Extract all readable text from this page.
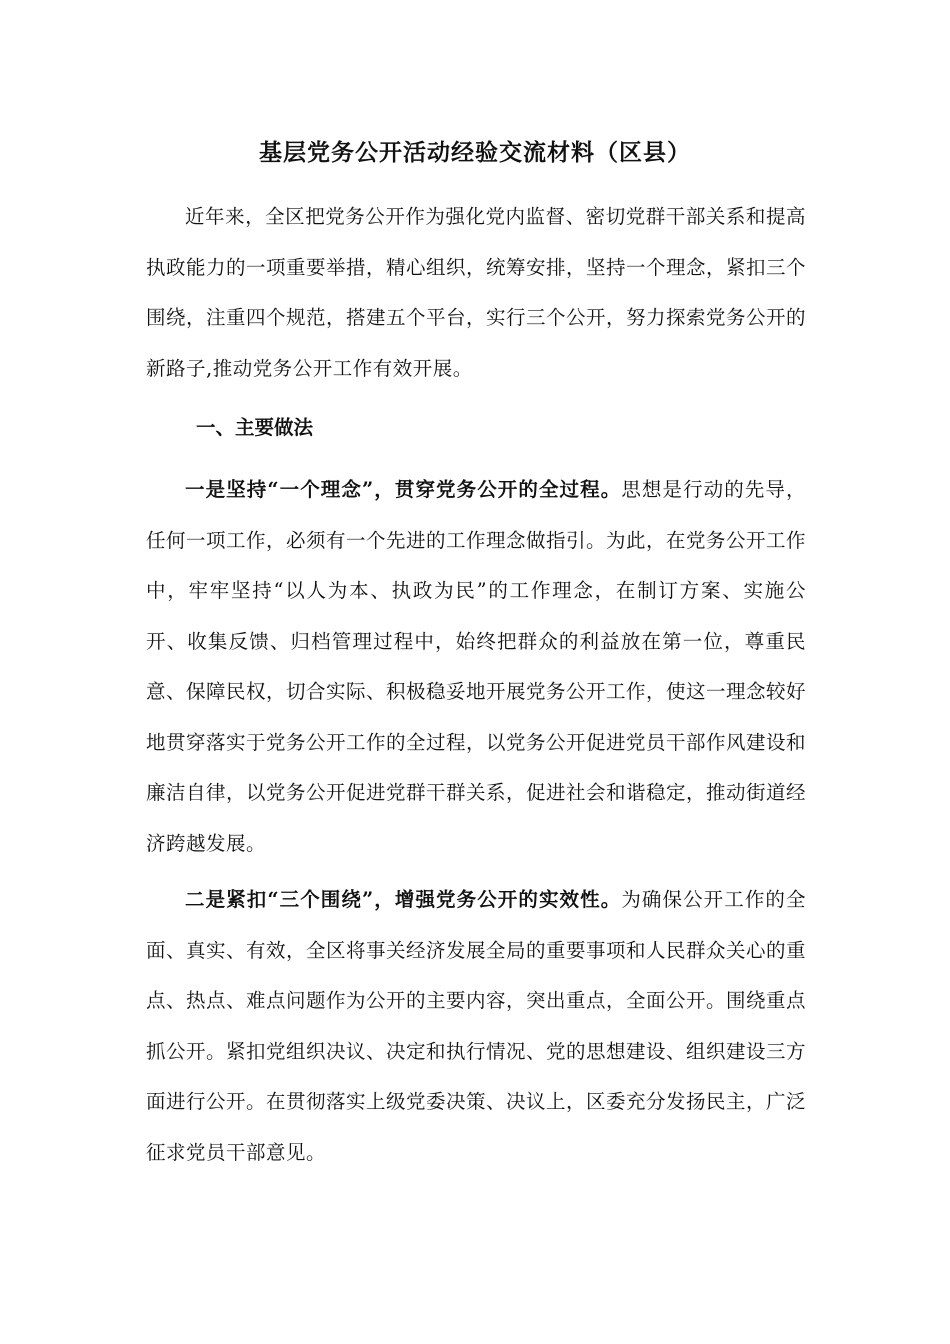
基层党务公开活动经验交流材料（区县）

近年来，全区把党务公开作为强化党内监督、密切党群干部关系和提高执政能力的一项重要举措，精心组织，统筹安排，坚持一个理念，紧扣三个围绕，注重四个规范，搭建五个平台，实行三个公开，努力探索党务公开的新路子,推动党务公开工作有效开展。

一、主要做法

一是坚持“一个理念”，贯穿党务公开的全过程。思想是行动的先导，任何一项工作，必须有一个先进的工作理念做指引。为此，在党务公开工作中，牢牢坚持“以人为本、执政为民”的工作理念，在制订方案、实施公开、收集反馈、归档管理过程中，始终把群众的利益放在第一位，尊重民意、保障民权，切合实际、积极稳妥地开展党务公开工作，使这一理念较好地贯穿落实于党务公开工作的全过程，以党务公开促进党员干部作风建设和廉洁自律，以党务公开促进党群干群关系，促进社会和谐稳定，推动街道经济跨越发展。

二是紧扣“三个围绕”，增强党务公开的实效性。为确保公开工作的全面、真实、有效，全区将事关经济发展全局的重要事项和人民群众关心的重点、热点、难点问题作为公开的主要内容，突出重点，全面公开。围绕重点抓公开。紧扣党组织决议、决定和执行情况、党的思想建设、组织建设三方面进行公开。在贯彻落实上级党委决策、决议上，区委充分发扬民主，广泛征求党员干部意见。
